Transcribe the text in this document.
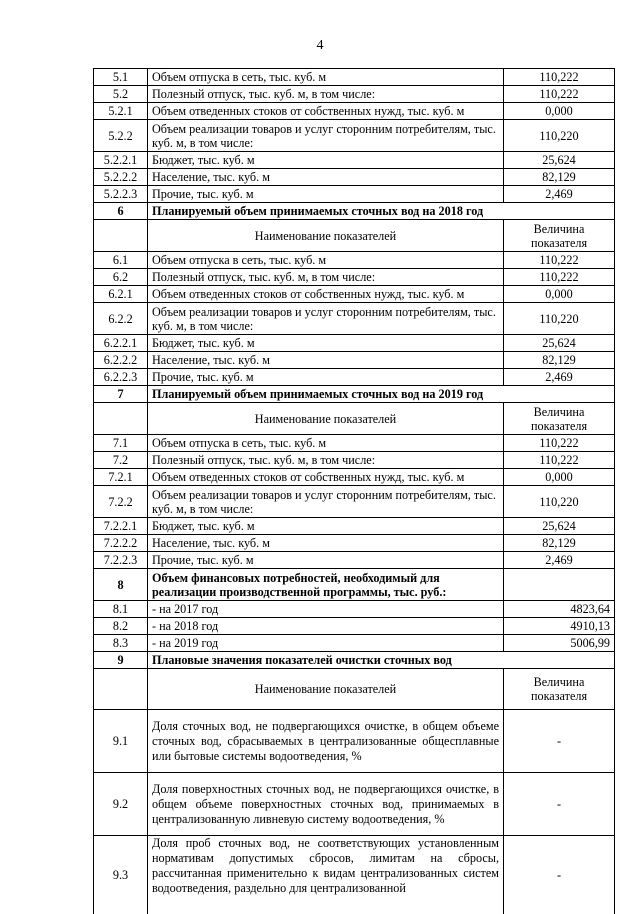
4
5.1	Объем отпуска в сеть, тыс. куб. м	110,222
5.2	Полезный отпуск, тыс. куб. м, в том числе:	110,222
5.2.1	Объем отведенных стоков от собственных нужд, тыс. куб. м	0,000
5.2.2	Объем реализации товаров и услуг сторонним потребителям, тыс. куб. м, в том числе:	110,220
5.2.2.1	Бюджет, тыс. куб. м	25,624
5.2.2.2	Население, тыс. куб. м	82,129
5.2.2.3	Прочие, тыс. куб. м	2,469
6	Планируемый объем принимаемых сточных вод на 2018 год	
	Наименование показателей	Величина показателя
6.1	Объем отпуска в сеть, тыс. куб. м	110,222
6.2	Полезный отпуск, тыс. куб. м, в том числе:	110,222
6.2.1	Объем отведенных стоков от собственных нужд, тыс. куб. м	0,000
6.2.2	Объем реализации товаров и услуг сторонним потребителям, тыс. куб. м, в том числе:	110,220
6.2.2.1	Бюджет, тыс. куб. м	25,624
6.2.2.2	Население, тыс. куб. м	82,129
6.2.2.3	Прочие, тыс. куб. м	2,469
7	Планируемый объем принимаемых сточных вод на 2019 год	
	Наименование показателей	Величина показателя
7.1	Объем отпуска в сеть, тыс. куб. м	110,222
7.2	Полезный отпуск, тыс. куб. м, в том числе:	110,222
7.2.1	Объем отведенных стоков от собственных нужд, тыс. куб. м	0,000
7.2.2	Объем реализации товаров и услуг сторонним потребителям, тыс. куб. м, в том числе:	110,220
7.2.2.1	Бюджет, тыс. куб. м	25,624
7.2.2.2	Население, тыс. куб. м	82,129
7.2.2.3	Прочие, тыс. куб. м	2,469
8	Объем финансовых потребностей, необходимый для реализации производственной программы, тыс. руб.:	
8.1	- на 2017 год	4823,64
8.2	- на 2018 год	4910,13
8.3	- на 2019 год	5006,99
9	Плановые значения показателей очистки сточных вод	
	Наименование показателей	Величина показателя
9.1	Доля сточных вод, не подвергающихся очистке, в общем объеме сточных вод, сбрасываемых в централизованные общесплавные или бытовые системы водоотведения, %	-
9.2	Доля поверхностных сточных вод, не подвергающихся очистке, в общем объеме поверхностных сточных вод, принимаемых в централизованную ливневую систему водоотведения, %	-
9.3	Доля проб сточных вод, не соответствующих установленным нормативам допустимых сбросов, лимитам на сбросы, рассчитанная применительно к видам централизованных систем водоотведения, раздельно для централизованной	-
